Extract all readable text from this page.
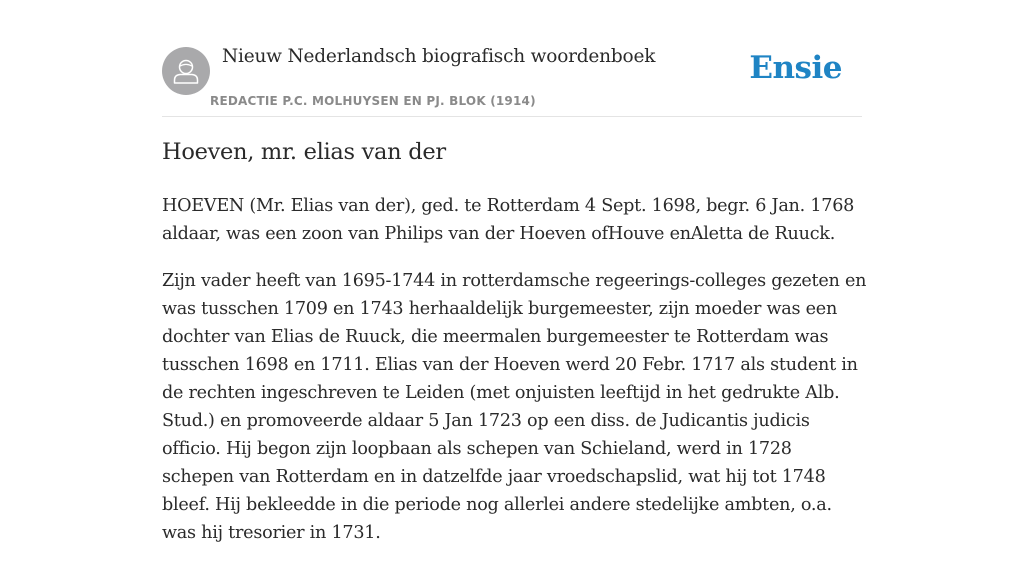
Nieuw Nederlandsch biografisch woordenboek
REDACTIE P.C. MOLHUYSEN EN PJ. BLOK (1914)
Ensie
Hoeven, mr. elias van der

HOEVEN (Mr. Elias van der), ged. te Rotterdam 4 Sept. 1698, begr. 6 Jan. 1768 aldaar, was een zoon van Philips van der Hoeven ofHouve enAletta de Ruuck.

Zijn vader heeft van 1695-1744 in rotterdamsche regeerings-colleges gezeten en was tusschen 1709 en 1743 herhaaldelijk burgemeester, zijn moeder was een dochter van Elias de Ruuck, die meermalen burgemeester te Rotterdam was tusschen 1698 en 1711. Elias van der Hoeven werd 20 Febr. 1717 als student in de rechten ingeschreven te Leiden (met onjuisten leeftijd in het gedrukte Alb. Stud.) en promoveerde aldaar 5 Jan 1723 op een diss. de Judicantis judicis officio. Hij begon zijn loopbaan als schepen van Schieland, werd in 1728 schepen van Rotterdam en in datzelfde jaar vroedschapslid, wat hij tot 1748 bleef. Hij bekleedde in die periode nog allerlei andere stedelijke ambten, o.a. was hij tresorier in 1731.
